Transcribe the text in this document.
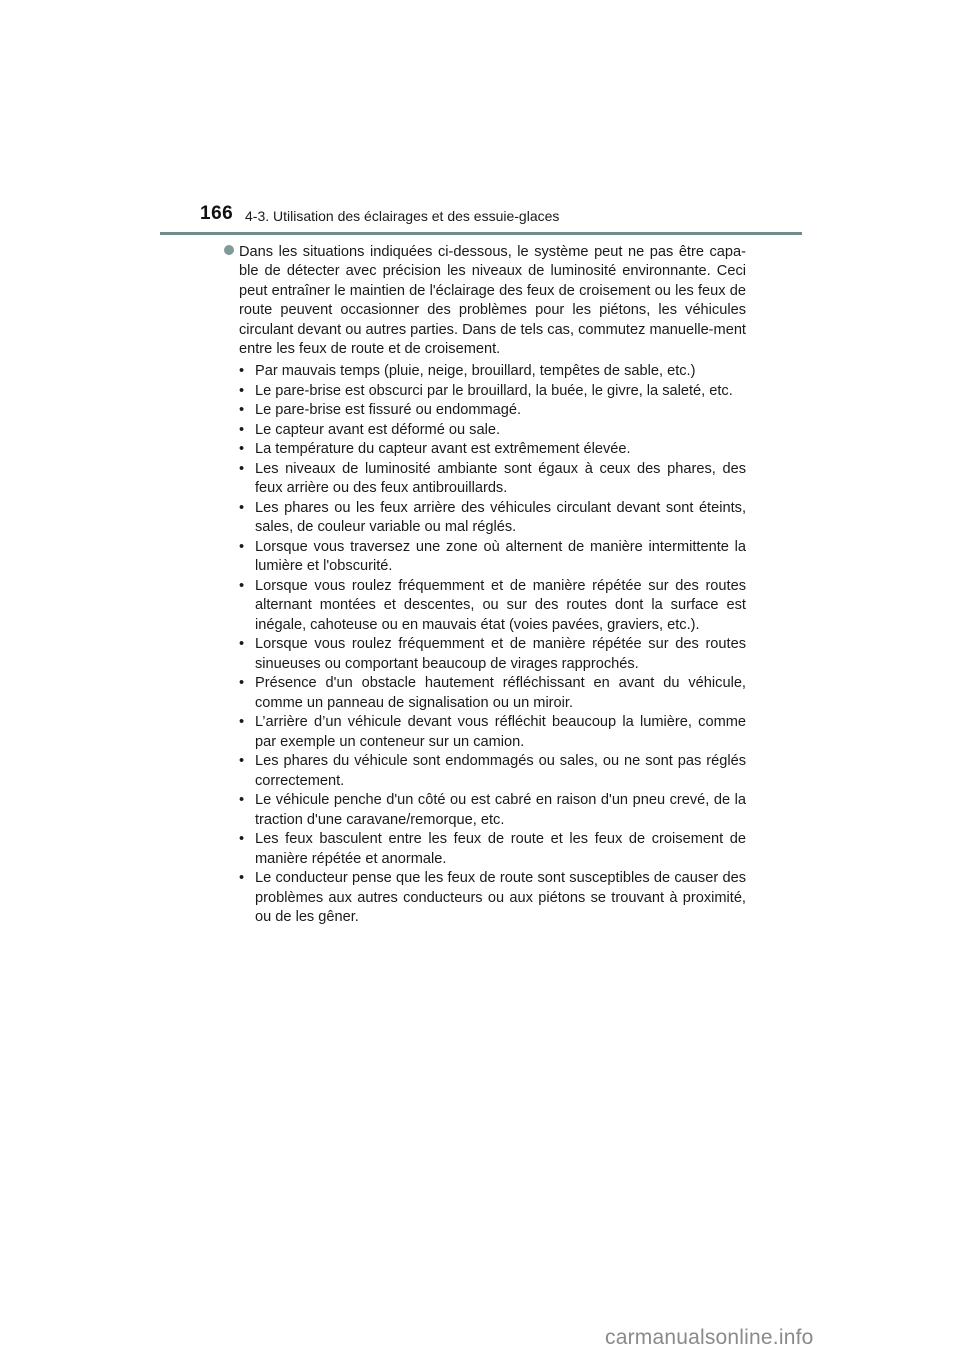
166 4-3. Utilisation des éclairages et des essuie-glaces

Dans les situations indiquées ci-dessous, le système peut ne pas être capa-ble de détecter avec précision les niveaux de luminosité environnante. Ceci peut entraîner le maintien de l'éclairage des feux de croisement ou les feux de route peuvent occasionner des problèmes pour les piétons, les véhicules circulant devant ou autres parties. Dans de tels cas, commutez manuelle-ment entre les feux de route et de croisement.

• Par mauvais temps (pluie, neige, brouillard, tempêtes de sable, etc.)
• Le pare-brise est obscurci par le brouillard, la buée, le givre, la saleté, etc.
• Le pare-brise est fissuré ou endommagé.
• Le capteur avant est déformé ou sale.
• La température du capteur avant est extrêmement élevée.
• Les niveaux de luminosité ambiante sont égaux à ceux des phares, des feux arrière ou des feux antibrouillards.
• Les phares ou les feux arrière des véhicules circulant devant sont éteints, sales, de couleur variable ou mal réglés.
• Lorsque vous traversez une zone où alternent de manière intermittente la lumière et l'obscurité.
• Lorsque vous roulez fréquemment et de manière répétée sur des routes alternant montées et descentes, ou sur des routes dont la surface est inégale, cahoteuse ou en mauvais état (voies pavées, graviers, etc.).
• Lorsque vous roulez fréquemment et de manière répétée sur des routes sinueuses ou comportant beaucoup de virages rapprochés.
• Présence d'un obstacle hautement réfléchissant en avant du véhicule, comme un panneau de signalisation ou un miroir.
• L’arrière d’un véhicule devant vous réfléchit beaucoup la lumière, comme par exemple un conteneur sur un camion.
• Les phares du véhicule sont endommagés ou sales, ou ne sont pas réglés correctement.
• Le véhicule penche d'un côté ou est cabré en raison d'un pneu crevé, de la traction d'une caravane/remorque, etc.
• Les feux basculent entre les feux de route et les feux de croisement de manière répétée et anormale.
• Le conducteur pense que les feux de route sont susceptibles de causer des problèmes aux autres conducteurs ou aux piétons se trouvant à proximité, ou de les gêner.
carmanualsonline.info
